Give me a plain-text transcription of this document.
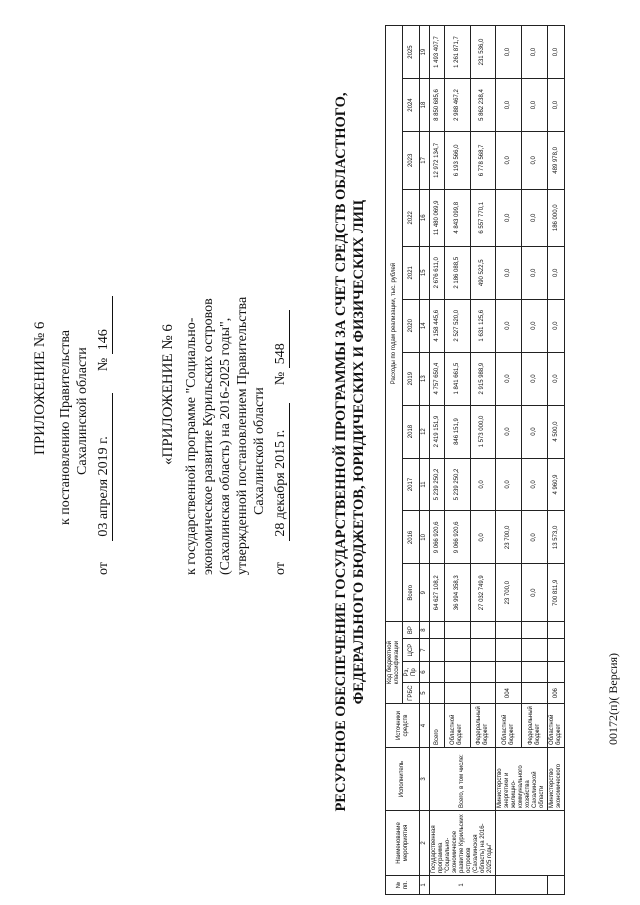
ПРИЛОЖЕНИЕ № 6 к постановлению Правительства Сахалинской области
от 03 апреля 2019 г. № 146	«ПРИЛОЖЕНИЕ № 6 к государственной программе "Социально- экономическое развитие Курильских островов (Сахалинская область) на 2016-2025 годы", утвержденной постановлением Правительства Сахалинской области
от 28 декабря 2015 г. № 548	РЕСУРСНОЕ ОБЕСПЕЧЕНИЕ ГОСУДАРСТВЕННОЙ ПРОГРАММЫ ЗА СЧЕТ СРЕДСТВ ОБЛАСТНОГО, ФЕДЕРАЛЬНОГО БЮДЖЕТОВ, ЮРИДИЧЕСКИХ И ФИЗИЧЕСКИХ ЛИЦ
№ пп.	Наименование мероприятия	Исполнитель	Источники средств	Код бюджетной классификации				Расходы по годам реализации, тыс. рублей										
				ГРБС	Рз, Пр	ЦСР	ВР	Всего	2016	2017	2018	2019	2020	2021	2022	2023	2024	2025
1	2	3	4	5	6	7	8	9	10	11	12	13	14	15	16	17	18	19
1	Государственная программа "Социально-экономическое развитие Курильских островов (Сахалинская область) на 2016-2025 годы"	Всего, в том числе:	Всего					64 627 108,2	9 066 920,6	5 239 250,2	2 419 151,9	4 757 650,4	4 158 445,6	2 676 611,0	11 480 069,9	12 972 134,7	8 850 685,6	1 493 407,7
			Областной бюджет					36 994 358,3	9 066 920,6	5 239 250,2	846 151,9	1 841 661,5	2 527 520,0	2 186 088,5	4 843 099,8	6 193 566,0	2 988 467,2	1 261 871,7
			Федеральный бюджет					27 032 749,9	0,0	0,0	1 573 000,0	2 915 988,9	1 631 125,6	490 522,5	6 557 770,1	6 778 568,7	5 862 238,4	231 536,0
		Министерство энергетики и жилищно-коммунального хозяйства Сахалинской области	Областной бюджет	004				23 700,0	23 700,0	0,0	0,0	0,0	0,0	0,0	0,0	0,0	0,0	0,0
			Федеральный бюджет					0,0	0,0	0,0	0,0	0,0	0,0	0,0	0,0	0,0	0,0	0,0
		Министерство экономического	Областной бюджет	006				700 811,9	13 573,0	4 960,9	4 500,0	0,0	0,0	0,0	186 000,0	489 978,0	0,0	0,0
00172(п)( Версия)
